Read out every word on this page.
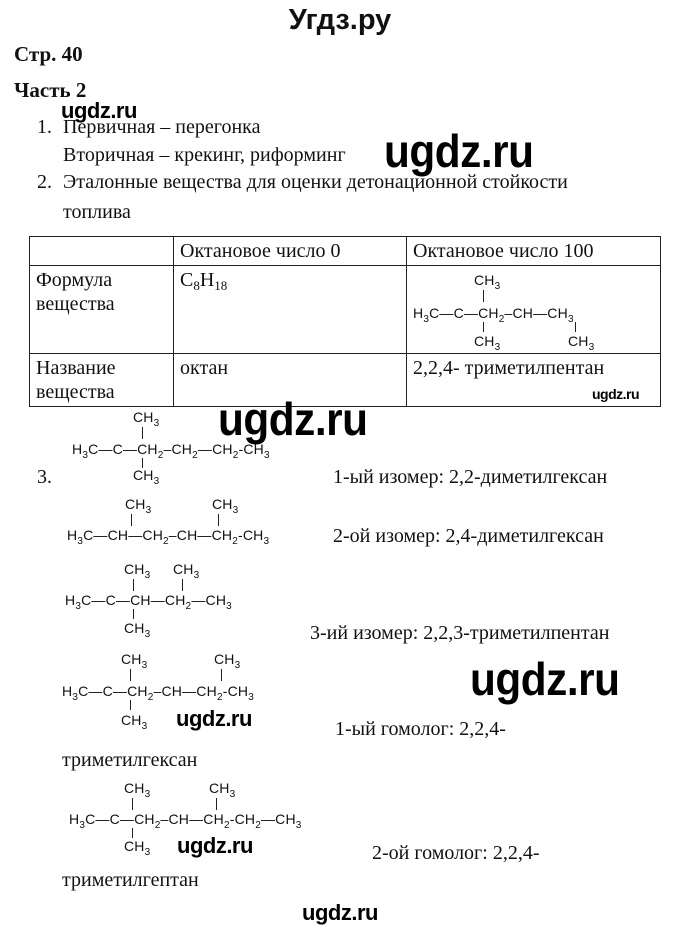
Угдз.ру
Стр. 40
Часть 2
ugdz.ru
1. Первичная – перегонка
Вторичная – крекинг, риформинг ugdz.ru
2. Эталонные вещества для оценки детонационной стойкости
топлива
	Октановое число 0	Октановое число 100
Формула
вещества	$C_8H_{18}$	
Название
вещества	октан	2,2,4- триметилпентан
$CH_3$
$H_3C—C—CH_2-CH—CH_3$
$CH_3$	$CH_3$
ugdz.ru
ugdz.ru
3.
$CH_3$
$H_3C—C—CH_2-CH_2—CH_2-CH_3$
$CH_3$	1-ый изомер: 2,2-диметилгексан
$CH_3$	$CH_3$
$H_3C—CH—CH_2-CH—CH_2-CH_3$	2-ой изомер: 2,4-диметилгексан
$CH_3$ $CH_3$
$H_3C—C—CH—CH_2—CH_3$
$CH_3$	3-ий изомер: 2,2,3-триметилпентан
ugdz.ru
$CH_3$	$CH_3$
$H_3C—C—CH_2-CH—CH_2-CH_3$
$CH_3$ ugdz.ru	1-ый гомолог: 2,2,4-
триметилгексан
$CH_3$	$CH_3$
$H_3C—C—CH_2-CH—CH_2-CH_2—CH_3$
$CH_3$ ugdz.ru	2-ой гомолог: 2,2,4-
триметилгептан
ugdz.ru
